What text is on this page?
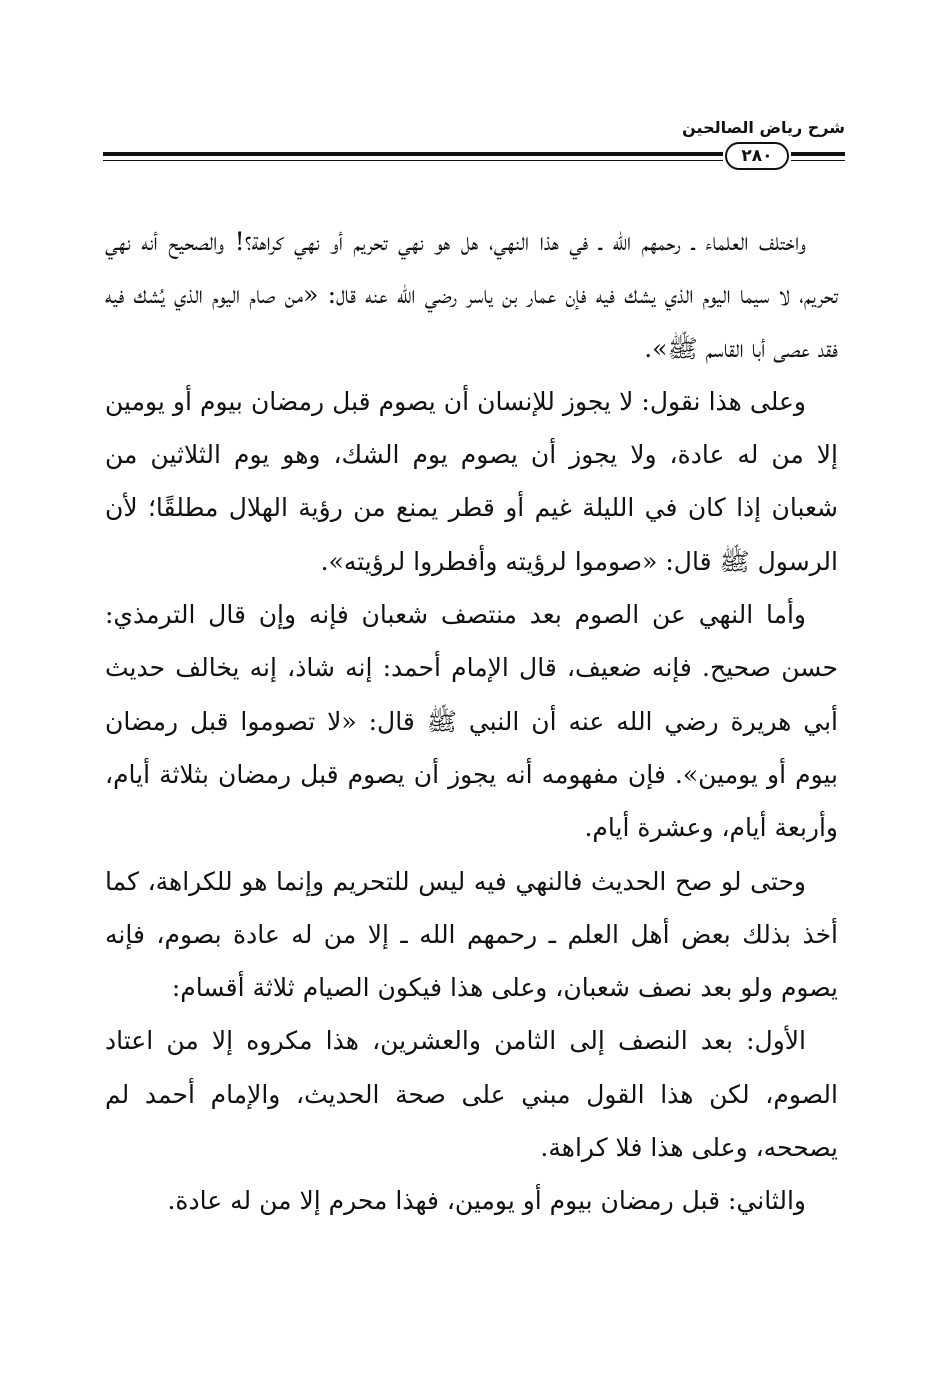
شرح رياض الصالحين
٢٨٠

واختلف العلماء ـ رحمهم الله ـ في هذا النهي، هل هو نهي تحريم أو نهي كراهة؟! والصحيح أنه نهي تحريم، لا سيما اليوم الذي يشك فيه فإن عمار بن ياسر رضي الله عنه قال: «من صام اليوم الذي يُشك فيه فقد عصى أبا القاسم ﷺ».

وعلى هذا نقول: لا يجوز للإنسان أن يصوم قبل رمضان بيوم أو يومين إلا من له عادة، ولا يجوز أن يصوم يوم الشك، وهو يوم الثلاثين من شعبان إذا كان في الليلة غيم أو قطر يمنع من رؤية الهلال مطلقًا؛ لأن الرسول ﷺ قال: «صوموا لرؤيته وأفطروا لرؤيته».

وأما النهي عن الصوم بعد منتصف شعبان فإنه وإن قال الترمذي: حسن صحيح. فإنه ضعيف، قال الإمام أحمد: إنه شاذ، إنه يخالف حديث أبي هريرة رضي الله عنه أن النبي ﷺ قال: «لا تصوموا قبل رمضان بيوم أو يومين». فإن مفهومه أنه يجوز أن يصوم قبل رمضان بثلاثة أيام، وأربعة أيام، وعشرة أيام.

وحتى لو صح الحديث فالنهي فيه ليس للتحريم وإنما هو للكراهة، كما أخذ بذلك بعض أهل العلم ـ رحمهم الله ـ إلا من له عادة بصوم، فإنه يصوم ولو بعد نصف شعبان، وعلى هذا فيكون الصيام ثلاثة أقسام:

الأول: بعد النصف إلى الثامن والعشرين، هذا مكروه إلا من اعتاد الصوم، لكن هذا القول مبني على صحة الحديث، والإمام أحمد لم يصححه، وعلى هذا فلا كراهة.

والثاني: قبل رمضان بيوم أو يومين، فهذا محرم إلا من له عادة.
